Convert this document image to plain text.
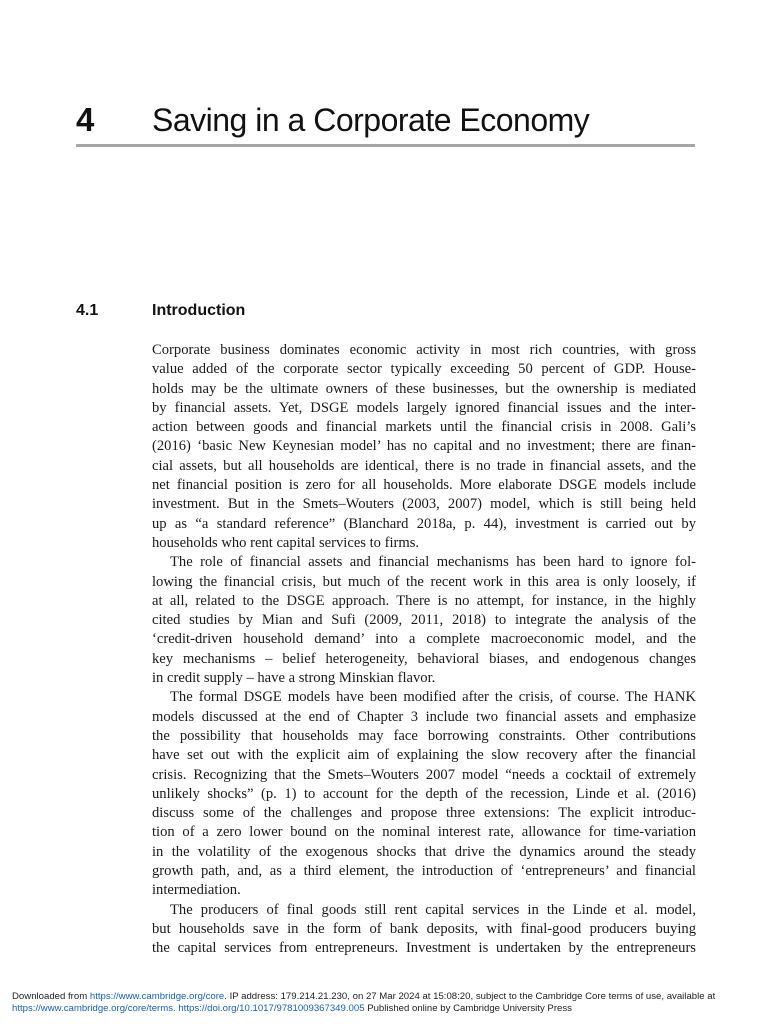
4 Saving in a Corporate Economy
4.1	Introduction
Corporate business dominates economic activity in most rich countries, with gross
value added of the corporate sector typically exceeding 50 percent of GDP. House-
holds may be the ultimate owners of these businesses, but the ownership is mediated
by financial assets. Yet, DSGE models largely ignored financial issues and the inter-
action between goods and financial markets until the financial crisis in 2008. Gali’s
(2016) ‘basic New Keynesian model’ has no capital and no investment; there are finan-
cial assets, but all households are identical, there is no trade in financial assets, and the
net financial position is zero for all households. More elaborate DSGE models include
investment. But in the Smets–Wouters (2003, 2007) model, which is still being held
up as “a standard reference” (Blanchard 2018a, p. 44), investment is carried out by
households who rent capital services to firms.
The role of financial assets and financial mechanisms has been hard to ignore fol-
lowing the financial crisis, but much of the recent work in this area is only loosely, if
at all, related to the DSGE approach. There is no attempt, for instance, in the highly
cited studies by Mian and Sufi (2009, 2011, 2018) to integrate the analysis of the
‘credit-driven household demand’ into a complete macroeconomic model, and the
key mechanisms – belief heterogeneity, behavioral biases, and endogenous changes
in credit supply – have a strong Minskian flavor.
The formal DSGE models have been modified after the crisis, of course. The HANK
models discussed at the end of Chapter 3 include two financial assets and emphasize
the possibility that households may face borrowing constraints. Other contributions
have set out with the explicit aim of explaining the slow recovery after the financial
crisis. Recognizing that the Smets–Wouters 2007 model “needs a cocktail of extremely
unlikely shocks” (p. 1) to account for the depth of the recession, Linde et al. (2016)
discuss some of the challenges and propose three extensions: The explicit introduc-
tion of a zero lower bound on the nominal interest rate, allowance for time-variation
in the volatility of the exogenous shocks that drive the dynamics around the steady
growth path, and, as a third element, the introduction of ‘entrepreneurs’ and financial
intermediation.
The producers of final goods still rent capital services in the Linde et al. model,
but households save in the form of bank deposits, with final-good producers buying
the capital services from entrepreneurs. Investment is undertaken by the entrepreneurs
Downloaded from https://www.cambridge.org/core. IP address: 179.214.21.230, on 27 Mar 2024 at 15:08:20, subject to the Cambridge Core terms of use, available at
https://www.cambridge.org/core/terms. https://doi.org/10.1017/9781009367349.005 Published online by Cambridge University Press
